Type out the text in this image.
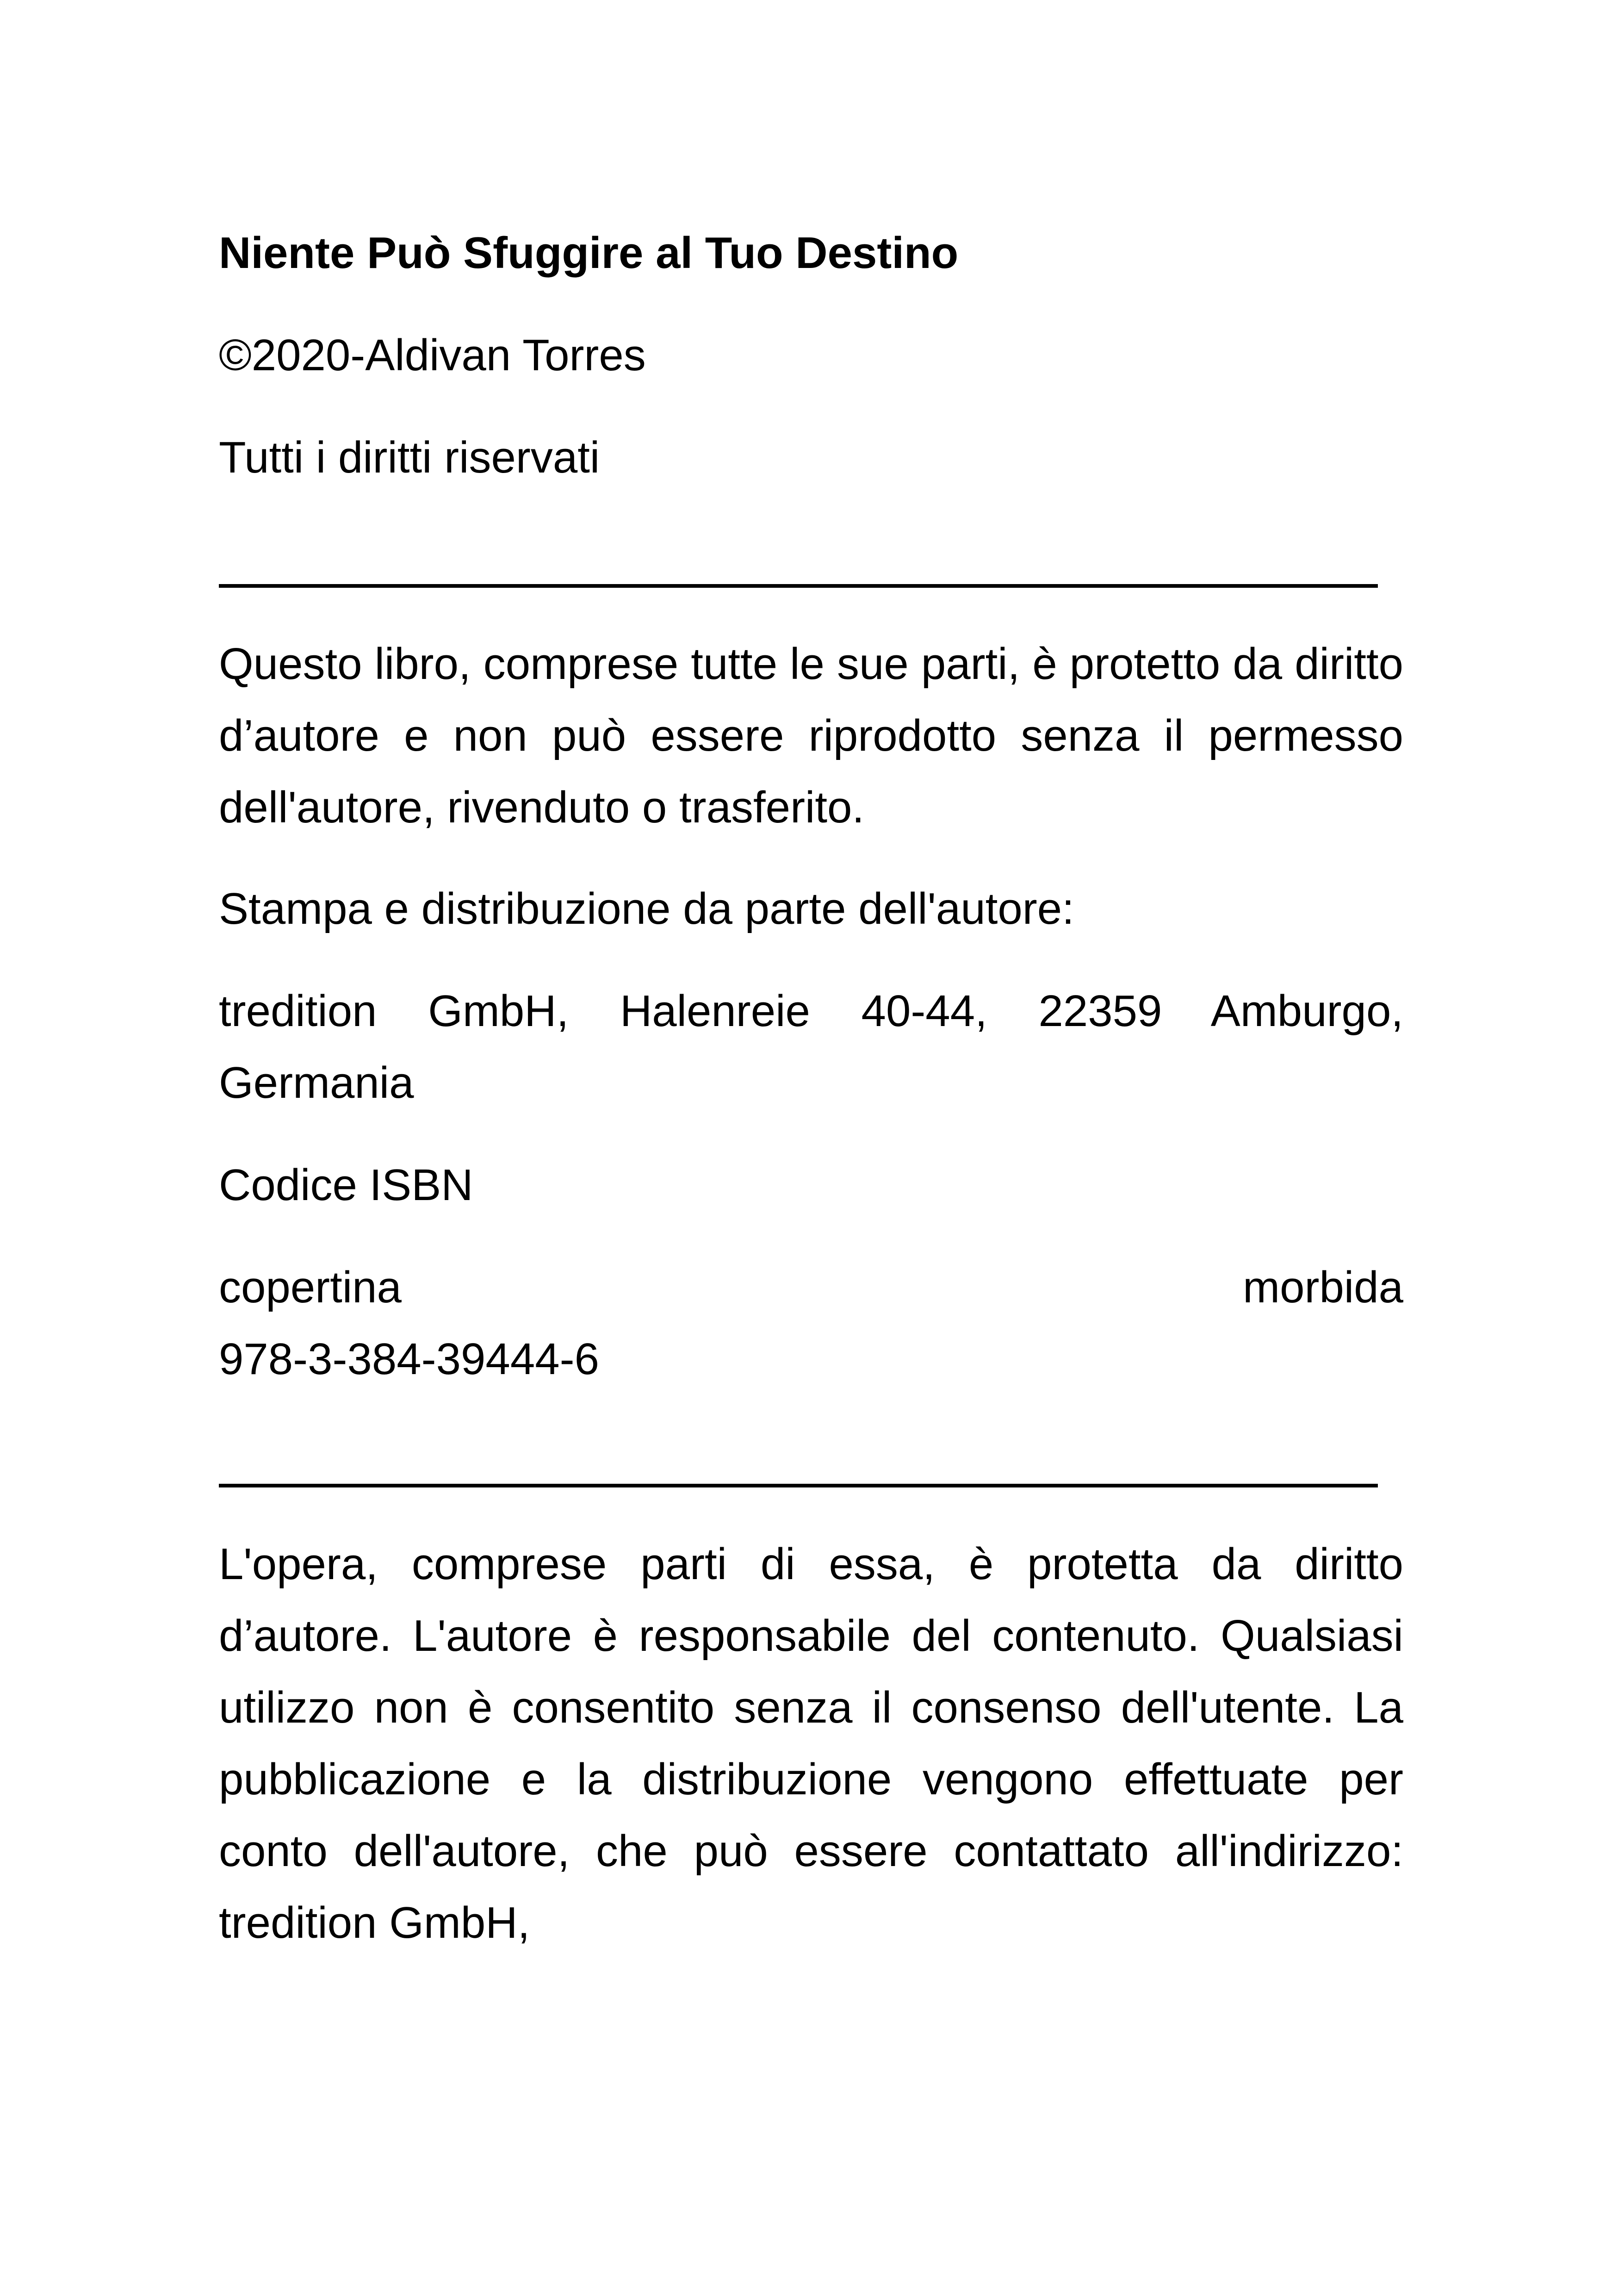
Niente Può Sfuggire al Tuo Destino

©2020-Aldivan Torres

Tutti i diritti riservati

Questo libro, comprese tutte le sue parti, è protetto da diritto d’autore e non può essere riprodotto senza il permesso dell'autore, rivenduto o trasferito.

Stampa e distribuzione da parte dell'autore:

tredition GmbH, Halenreie 40-44, 22359 Amburgo, Germania

Codice ISBN

copertina	morbida
978-3-384-39444-6

L'opera, comprese parti di essa, è protetta da diritto d’autore. L'autore è responsabile del contenuto. Qualsiasi utilizzo non è consentito senza il consenso dell'utente. La pubblicazione e la distribuzione vengono effettuate per conto dell'autore, che può essere contattato all'indirizzo: tredition GmbH,
